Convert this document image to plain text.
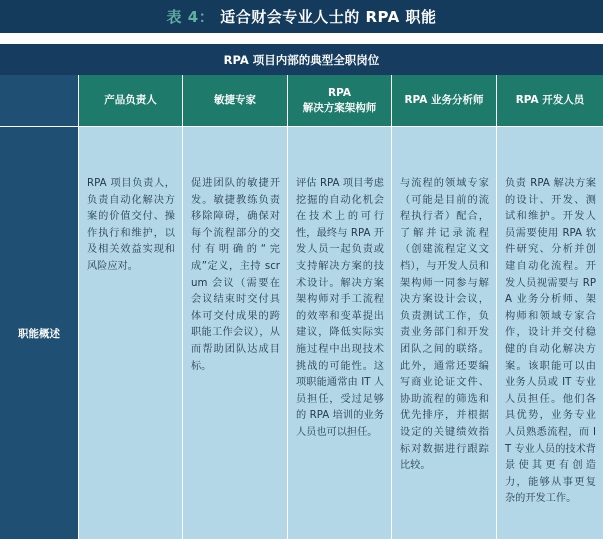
表 4： 适合财会专业人士的 RPA 职能
RPA 项目内部的典型全职岗位
产品负责人	敏捷专家
RPA
解决方案架构师
RPA 业务分析师	RPA 开发人员
职能概述
RPA 项目负责人，负责自动化解决方案的价值交付、操作执行和维护，以及相关效益实现和风险应对。
促进团队的敏捷开发。敏捷教练负责移除障碍，确保对每个流程部分的交付有明确的“完成”定义，主持 scrum 会议（需要在会议结束时交付具体可交付成果的跨职能工作会议），从而帮助团队达成目标。
评估 RPA 项目考虑挖掘的自动化机会在技术上的可行性，最终与 RPA 开发人员一起负责或支持解决方案的技术设计。解决方案架构师对手工流程的效率和变革提出建议，降低实际实施过程中出现技术挑战的可能性。这项职能通常由 IT 人员担任，受过足够的 RPA 培训的业务人员也可以担任。
与流程的领域专家（可能是目前的流程执行者）配合，了解并记录流程（创建流程定义文档），与开发人员和架构师一同参与解决方案设计会议，负责测试工作，负责业务部门和开发团队之间的联络。此外，通常还要编写商业论证文件、协助流程的筛选和优先排序，并根据设定的关键绩效指标对数据进行跟踪比较。
负责 RPA 解决方案的设计、开发、测试和维护。开发人员需要使用 RPA 软件研究、分析并创建自动化流程。开发人员视需要与 RPA 业务分析师、架构师和领域专家合作，设计并交付稳健的自动化解决方案。该职能可以由业务人员或 IT 专业人员担任。他们各具优势，业务专业人员熟悉流程，而 IT 专业人员的技术背景使其更有创造力，能够从事更复杂的开发工作。
